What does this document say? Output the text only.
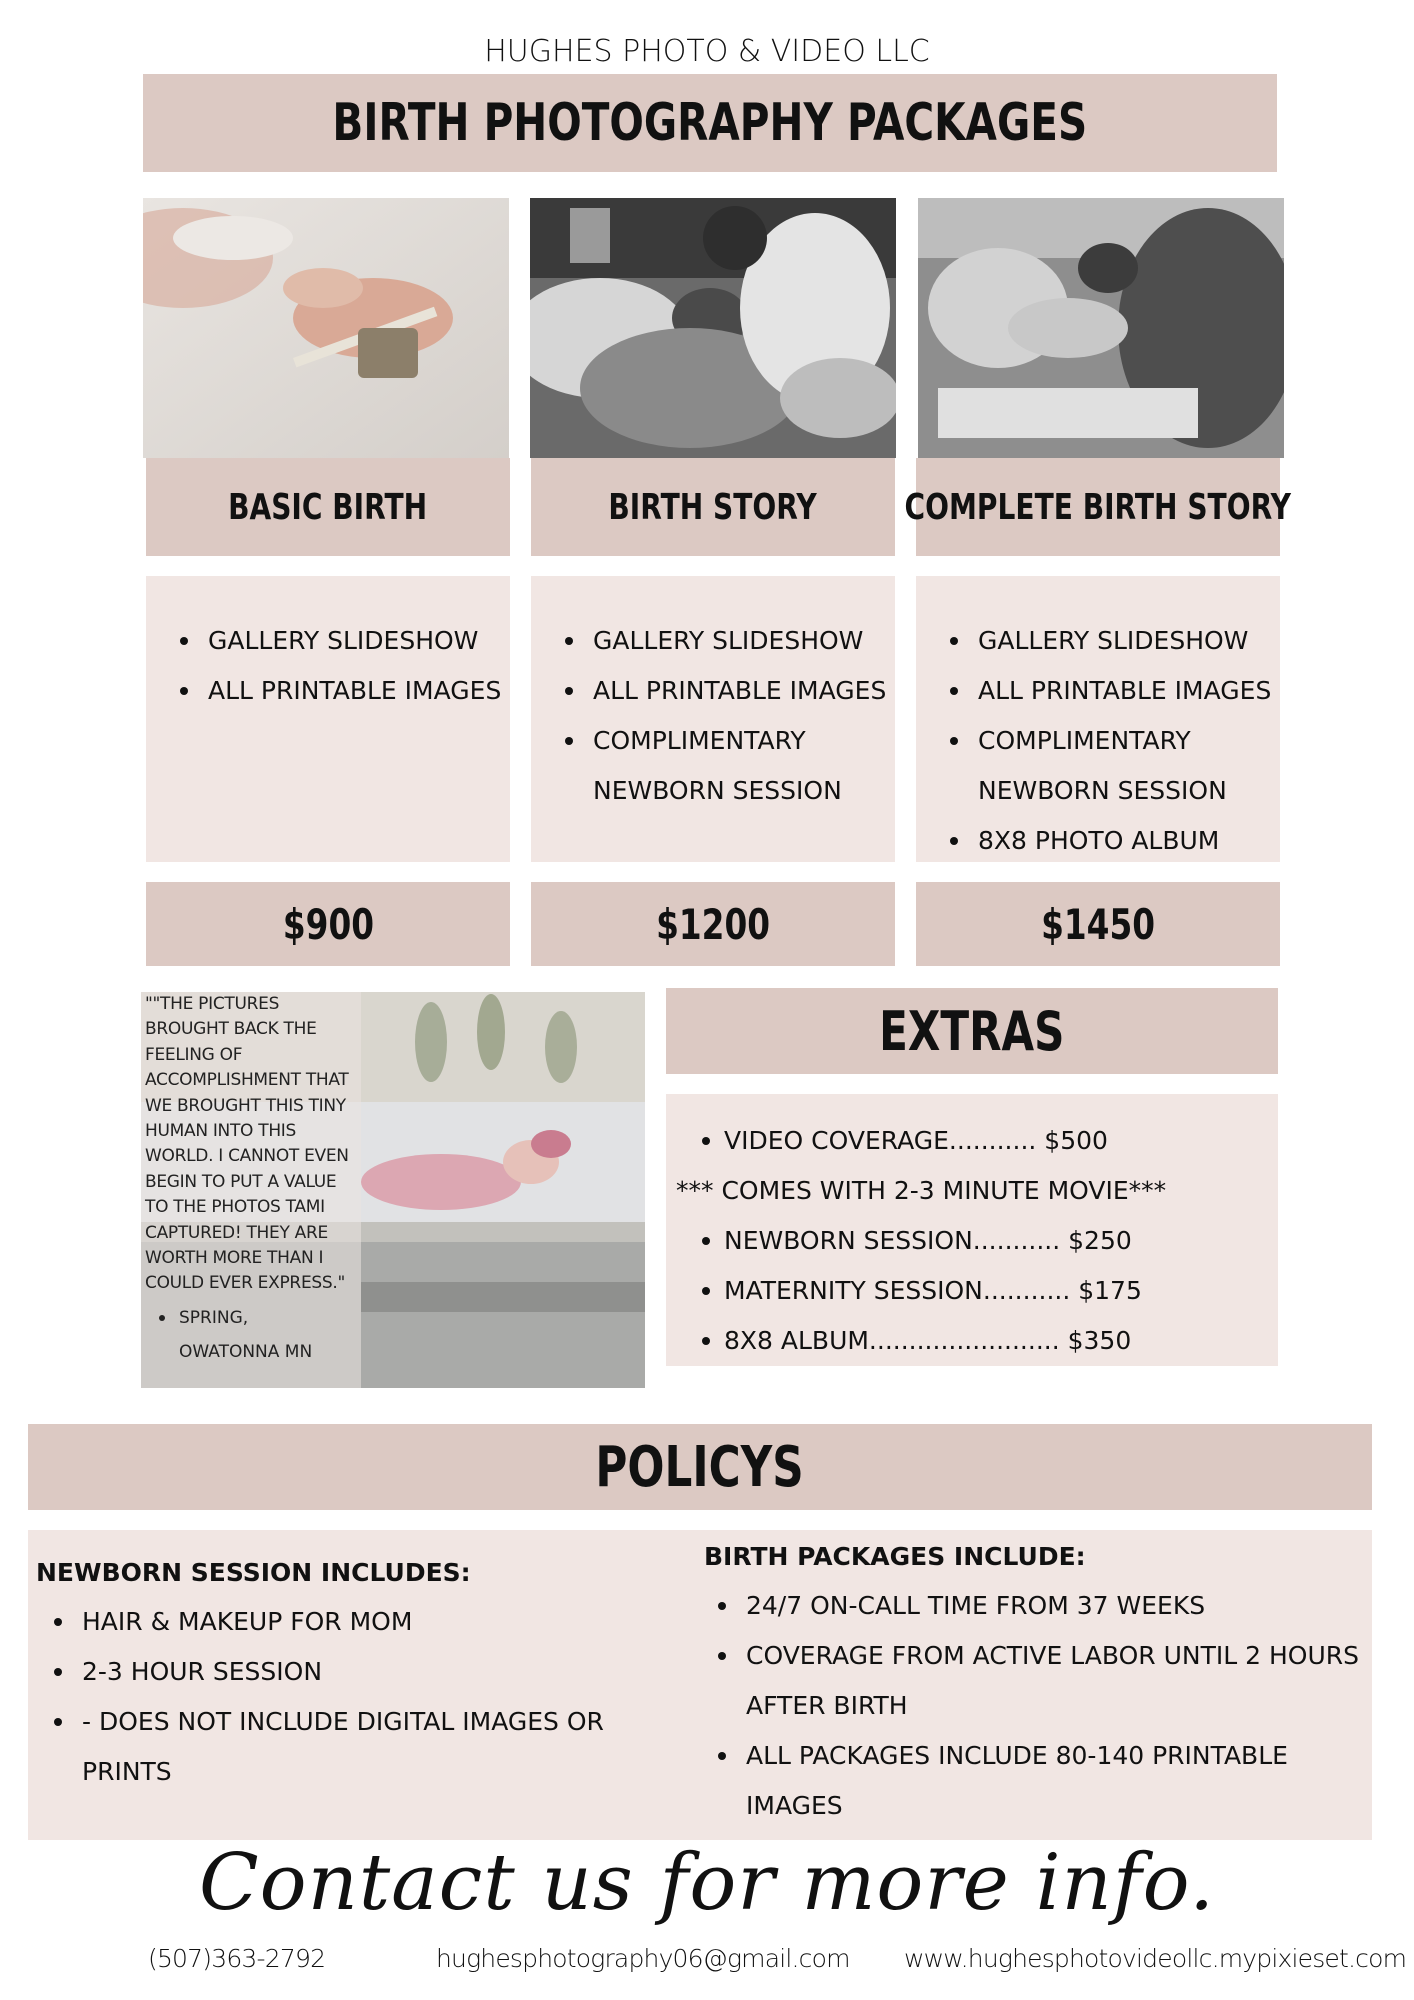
HUGHES PHOTO & VIDEO LLC
BIRTH PHOTOGRAPHY PACKAGES
BASIC BIRTH	BIRTH STORY COMPLETE BIRTH STORY
GALLERY SLIDESHOW
ALL PRINTABLE IMAGES
GALLERY SLIDESHOW
ALL PRINTABLE IMAGES
COMPLIMENTARY NEWBORN SESSION
GALLERY SLIDESHOW
ALL PRINTABLE IMAGES
COMPLIMENTARY NEWBORN SESSION
8X8 PHOTO ALBUM
$900	$1200	$1450
""THE PICTURES BROUGHT BACK THE FEELING OF ACCOMPLISHMENT THAT WE BROUGHT THIS TINY HUMAN INTO THIS WORLD. I CANNOT EVEN BEGIN TO PUT A VALUE TO THE PHOTOS TAMI CAPTURED! THEY ARE WORTH MORE THAN I COULD EVER EXPRESS."
SPRING,
OWATONNA MN
EXTRAS
VIDEO COVERAGE........... $500
*** COMES WITH 2-3 MINUTE MOVIE***
NEWBORN SESSION........... $250
MATERNITY SESSION........... $175
8X8 ALBUM........................ $350
POLICYS
NEWBORN SESSION INCLUDES:
HAIR & MAKEUP FOR MOM
2-3 HOUR SESSION
- DOES NOT INCLUDE DIGITAL IMAGES OR PRINTS
BIRTH PACKAGES INCLUDE:
24/7 ON-CALL TIME FROM 37 WEEKS
COVERAGE FROM ACTIVE LABOR UNTIL 2 HOURS AFTER BIRTH
ALL PACKAGES INCLUDE 80-140 PRINTABLE IMAGES
Contact us for more info.
(507)363-2792	hughesphotography06@gmail.com www.hughesphotovideollc.mypixieset.com
